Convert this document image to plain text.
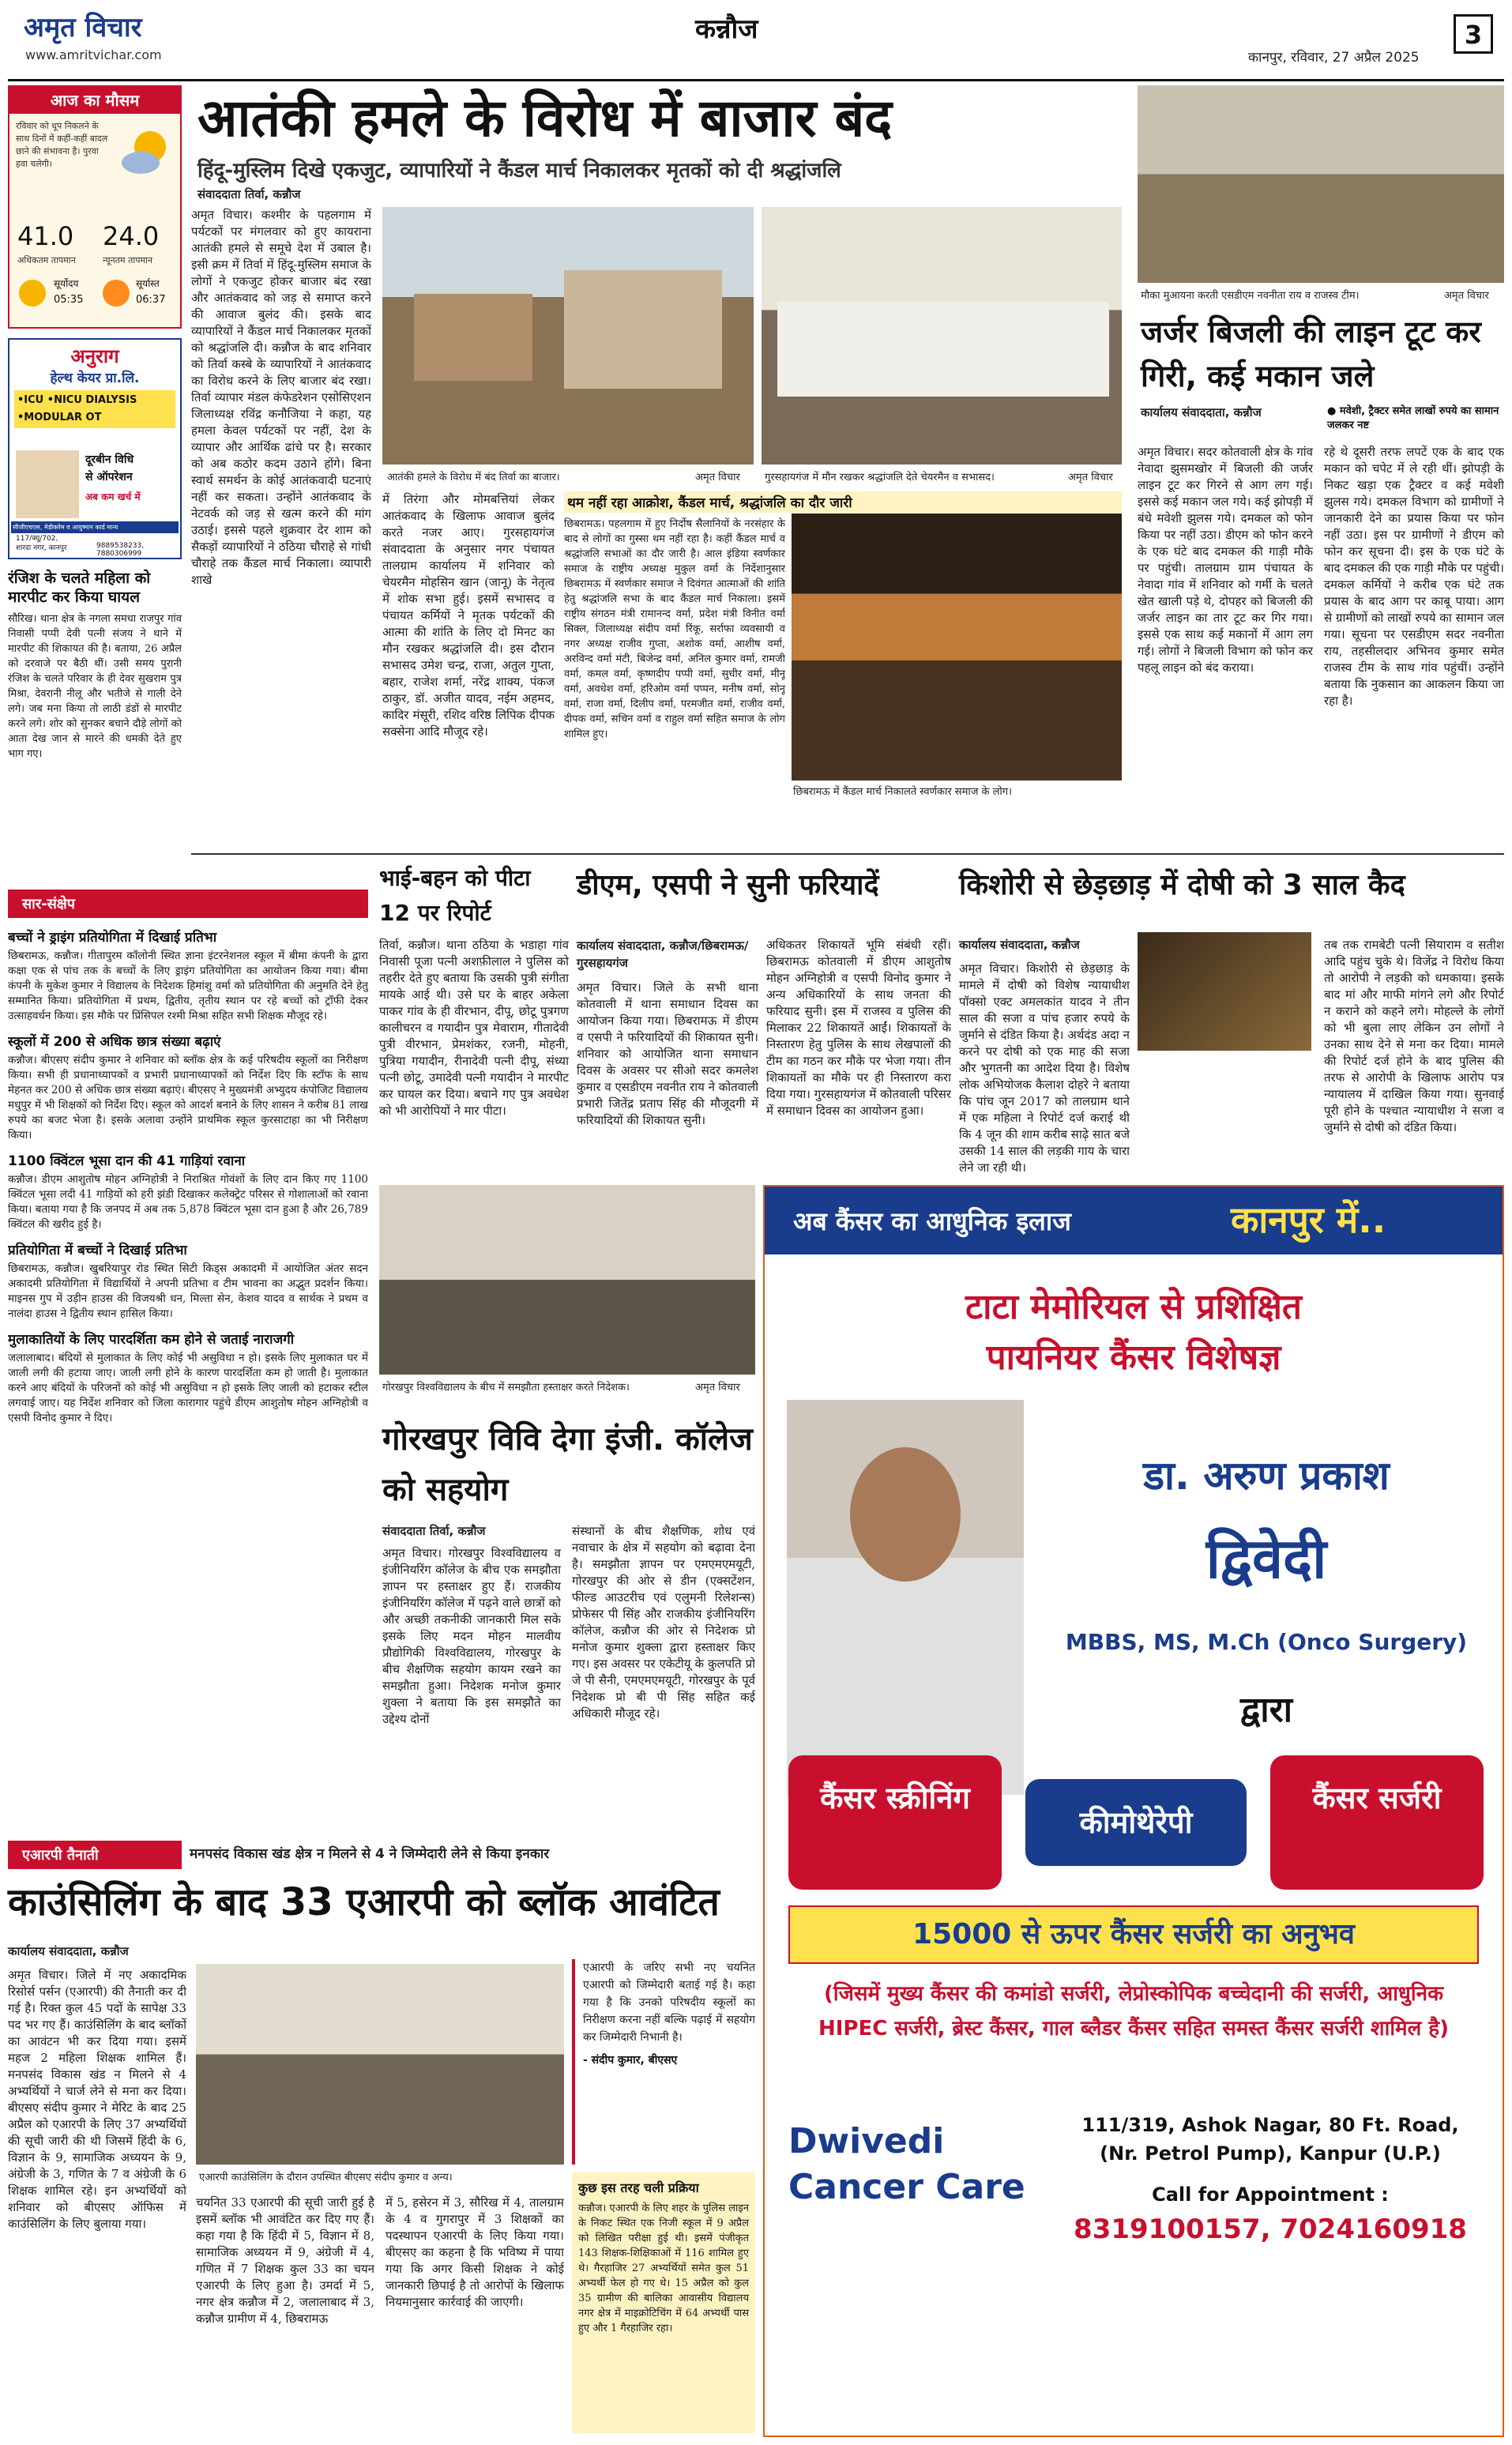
अमृत विचार
www.amritvichar.com
कन्नौज
कानपुर, रविवार, 27 अप्रैल 2025
3
आज का मौसम
रविवार को धूप निकलने के साथ दिनों में कहीं-कहीं बादल छाने की संभावना है। पुरवा हवा चलेगी।
41.0
अधिकतम तापमान
24.0
न्यूनतम तापमान
सूर्योदय
05:35
सूर्यास्त
06:37
अनुराग
हेल्थ केयर प्रा.लि.
•ICU •NICU DIALYSIS •MODULAR OT
दूरबीन विधि
से ऑपरेशन
अब कम खर्च में
सीजीएचएस, मेडीक्लेम व आयुष्मान कार्ड मान्य
117/क्यू/702,
शारदा नगर, कानपुर	9889538233, 7880306999
रंजिश के चलते महिला को मारपीट कर किया घायल
सौरिख। थाना क्षेत्र के नगला समधा राजपुर गांव निवासी पप्पी देवी पत्नी संजय ने थाने में मारपीट की शिकायत की है। बताया, 26 अप्रैल को दरवाजे पर बैठी थीं। उसी समय पुरानी रंजिश के चलते परिवार के ही देवर सुखराम पुत्र मिश्रा, देवरानी नीलू और भतीजे से गाली देने लगे। जब मना किया तो लाठी डंडों से मारपीट करने लगे। शोर को सुनकर बचाने दौड़े लोगों को आता देख जान से मारने की धमकी देते हुए भाग गए।
आतंकी हमले के विरोध में बाजार बंद
हिंदू-मुस्लिम दिखे एकजुट, व्यापारियों ने कैंडल मार्च निकालकर मृतकों को दी श्रद्धांजलि
संवाददाता तिर्वा, कन्नौज
अमृत विचार। कश्मीर के पहलगाम में पर्यटकों पर मंगलवार को हुए कायराना आतंकी हमले से समूचे देश में उबाल है। इसी क्रम में तिर्वा में हिंदू-मुस्लिम समाज के लोगों ने एकजुट होकर बाजार बंद रखा और आतंकवाद को जड़ से समाप्त करने की आवाज बुलंद की। इसके बाद व्यापारियों ने कैंडल मार्च निकालकर मृतकों को श्रद्धांजलि दी। कन्नौज के बाद शनिवार को तिर्वा कस्बे के व्यापारियों ने आतंकवाद का विरोध करने के लिए बाजार बंद रखा। तिर्वा व्यापार मंडल कंफेडरेशन एसोसिएशन जिलाध्यक्ष रविंद्र कनौजिया ने कहा, यह हमला केवल पर्यटकों पर नहीं, देश के व्यापार और आर्थिक ढांचे पर है। सरकार को अब कठोर कदम उठाने होंगे। बिना स्वार्थ समर्थन के कोई आतंकवादी घटनाएं नहीं कर सकता। उन्होंने आतंकवाद के नेटवर्क को जड़ से खत्म करने की मांग उठाई। इससे पहले शुक्रवार देर शाम को सैकड़ों व्यापारियों ने ठठिया चौराहे से गांधी चौराहे तक कैंडल मार्च निकाला। व्यापारी शाखे
आतंकी हमले के विरोध में बंद तिर्वा का बाजार।	अमृत विचार गुरसहायगंज में मौन रखकर श्रद्धांजलि देते चेयरमैन व सभासद।	अमृत विचार
में तिरंगा और मोमबत्तियां लेकर आतंकवाद के खिलाफ आवाज बुलंद करते नजर आए। गुरसहायगंज संवाददाता के अनुसार नगर पंचायत तालग्राम कार्यालय में शनिवार को चेयरमैन मोहसिन खान (जानू) के नेतृत्व में शोक सभा हुई। इसमें सभासद व पंचायत कर्मियों ने मृतक पर्यटकों की आत्मा की शांति के लिए दो मिनट का मौन रखकर श्रद्धांजलि दी। इस दौरान सभासद उमेश चन्द्र, राजा, अतुल गुप्ता, बहार, राजेश शर्मा, नरेंद्र शाक्य, पंकज ठाकुर, डॉ. अजीत यादव, नईम अहमद, कादिर मंसूरी, रशिद वरिष्ठ लिपिक दीपक सक्सेना आदि मौजूद रहे।
थम नहीं रहा आक्रोश, कैंडल मार्च, श्रद्धांजलि का दौर जारी
छिबरामऊ। पहलगाम में हुए निर्दोष सैलानियों के नरसंहार के बाद से लोगों का गुस्सा थम नहीं रहा है। कहीं कैंडल मार्च व श्रद्धांजलि सभाओं का दौर जारी है। आल इंडिया स्वर्णकार समाज के राष्ट्रीय अध्यक्ष मुकुल वर्मा के निर्देशानुसार छिबरामऊ में स्वर्णकार समाज ने दिवंगत आत्माओं की शांति हेतु श्रद्धांजलि सभा के बाद कैंडल मार्च निकाला। इसमें राष्ट्रीय संगठन मंत्री रामानन्द वर्मा, प्रदेश मंत्री विनीत वर्मा सिक्ल, जिलाध्यक्ष संदीप वर्मा रिंकू, सर्राफा व्यवसायी व नगर अध्यक्ष राजीव गुप्ता, अशोक वर्मा, आशीष वर्मा, अरविन्द वर्मा मंटी, बिजेन्द्र वर्मा, अनिल कुमार वर्मा, रामजी वर्मा, कमल वर्मा, कृष्णदीप पप्पी वर्मा, सुधीर वर्मा, मीनू वर्मा, अवधेश वर्मा, हरिओम वर्मा पप्पन, मनीष वर्मा, सोनू वर्मा, राजा वर्मा, दिलीप वर्मा, परमजीत वर्मा, राजीव वर्मा, दीपक वर्मा, सचिन वर्मा व राहुल वर्मा सहित समाज के लोग शामिल हुए।
छिबरामऊ में कैंडल मार्च निकालते स्वर्णकार समाज के लोग।
मौका मुआयना करती एसडीएम नवनीता राय व राजस्व टीम।	अमृत विचार
जर्जर बिजली की लाइन टूट कर गिरी, कई मकान जले
कार्यालय संवाददाता, कन्नौज	● मवेशी, ट्रैक्टर समेत लाखों रुपये का सामान जलकर नष्ट
अमृत विचार। सदर कोतवाली क्षेत्र के गांव नेवादा झुसमखोर में बिजली की जर्जर लाइन टूट कर गिरने से आग लग गई। इससे कई मकान जल गये। कई झोपड़ी में बंधे मवेशी झुलस गये। दमकल को फोन किया पर नहीं उठा। डीएम को फोन करने के एक घंटे बाद दमकल की गाड़ी मौके पर पहुंची। तालग्राम ग्राम पंचायत के नेवादा गांव में शनिवार को गर्मी के चलते खेत खाली पड़े थे, दोपहर को बिजली की जर्जर लाइन का तार टूट कर गिर गया। इससे एक साथ कई मकानों में आग लग गई। लोगों ने बिजली विभाग को फोन कर पहलू लाइन को बंद कराया।
रहे थे दूसरी तरफ लपटें एक के बाद एक मकान को चपेट में ले रही थीं। झोपड़ी के निकट खड़ा एक ट्रैक्टर व कई मवेशी झुलस गये। दमकल विभाग को ग्रामीणों ने जानकारी देने का प्रयास किया पर फोन नहीं उठा। इस पर ग्रामीणों ने डीएम को फोन कर सूचना दी। इस के एक घंटे के बाद दमकल की एक गाड़ी मौके पर पहुंची। दमकल कर्मियों ने करीब एक घंटे तक प्रयास के बाद आग पर काबू पाया। आग से ग्रामीणों को लाखों रुपये का सामान जल गया। सूचना पर एसडीएम सदर नवनीता राय, तहसीलदार अभिनव कुमार समेत राजस्व टीम के साथ गांव पहुंचीं। उन्होंने बताया कि नुकसान का आकलन किया जा रहा है।
सार-संक्षेप
बच्चों ने ड्राइंग प्रतियोगिता में दिखाई प्रतिभा
छिबरामऊ, कन्नौज। गीतापुरम कॉलोनी स्थित ज्ञाना इंटरनेशनल स्कूल में बीमा कंपनी के द्वारा कक्षा एक से पांच तक के बच्चों के लिए ड्राइंग प्रतियोगिता का आयोजन किया गया। बीमा कंपनी के मुकेश कुमार ने विद्यालय के निदेशक हिमांशु वर्मा को प्रतियोगिता की अनुमति देने हेतु सम्मानित किया। प्रतियोगिता में प्रथम, द्वितीय, तृतीय स्थान पर रहे बच्चों को ट्रॉफी देकर उत्साहवर्धन किया। इस मौके पर प्रिंसिपल रश्मी मिश्रा सहित सभी शिक्षक मौजूद रहे।
स्कूलों में 200 से अधिक छात्र संख्या बढ़ाएं
कन्नौज। बीएसए संदीप कुमार ने शनिवार को ब्लॉक क्षेत्र के कई परिषदीय स्कूलों का निरीक्षण किया। सभी ही प्रधानाध्यापकों व प्रभारी प्रधानाध्यापकों को निर्देश दिए कि स्टॉफ के साथ मेहनत कर 200 से अधिक छात्र संख्या बढ़ाएं। बीएसए ने मुख्यमंत्री अभ्युदय कंपोजिट विद्यालय मधुपुर में भी शिक्षकों को निर्देश दिए। स्कूल को आदर्श बनाने के लिए शासन ने करीब 81 लाख रुपये का बजट भेजा है। इसके अलावा उन्होंने प्राथमिक स्कूल कुरसाटाहा का भी निरीक्षण किया।
1100 क्विंटल भूसा दान की 41 गाड़ियां रवाना
कन्नौज। डीएम आशुतोष मोहन अग्निहोत्री ने निराश्रित गोवंशों के लिए दान किए गए 1100 क्विंटल भूसा लदी 41 गाड़ियों को हरी झंडी दिखाकर कलेक्ट्रेट परिसर से गोशालाओं को रवाना किया। बताया गया है कि जनपद में अब तक 5,878 क्विंटल भूसा दान हुआ है और 26,789 क्विंटल की खरीद हुई है।
प्रतियोगिता में बच्चों ने दिखाई प्रतिभा
छिबरामऊ, कन्नौज। खुबरियापुर रोड स्थित सिटी किड्स अकादमी में आयोजित अंतर सदन अकादमी प्रतियोगिता में विद्यार्थियों ने अपनी प्रतिभा व टीम भावना का अद्भुत प्रदर्शन किया। माइनस गुप में उड़ीन हाउस की विजयश्री धन, मिल्ता सेन, केशव यादव व सार्थक ने प्रथम व नालंदा हाउस ने द्वितीय स्थान हासिल किया।
मुलाकातियों के लिए पारदर्शिता कम होने से जताई नाराजगी
जलालाबाद। बंदियों से मुलाकात के लिए कोई भी असुविधा न हो। इसके लिए मुलाकात घर में जाली लगी की हटाया जाए। जाली लगी होने के कारण पारदर्शिता कम हो जाती है। मुलाकात करने आए बंदियों के परिजनों को कोई भी असुविधा न हो इसके लिए जाली को हटाकर स्टील लगवाई जाए। यह निर्देश शनिवार को जिला कारागार पहुंचे डीएम आशुतोष मोहन अग्निहोत्री व एसपी विनोद कुमार ने दिए।
भाई-बहन को पीटा 12 पर रिपोर्ट
तिर्वा, कन्नौज। थाना ठठिया के भडाहा गांव निवासी पूजा पत्नी अशफ़ीलाल ने पुलिस को तहरीर देते हुए बताया कि उसकी पुत्री संगीता मायके आई थी। उसे घर के बाहर अकेला पाकर गांव के ही वीरभान, दीपू, छोटू पुत्रगण कालीचरन व गयादीन पुत्र मेवाराम, गीतादेवी पुत्री वीरभान, प्रेमशंकर, रजनी, मोहनी, पुत्रिया गयादीन, रीनादेवी पत्नी दीपू, संध्या पत्नी छोटू, उमादेवी पत्नी गयादीन ने मारपीट कर घायल कर दिया। बचाने गए पुत्र अवधेश को भी आरोपियों ने मार पीटा।
डीएम, एसपी ने सुनी फरियादें
कार्यालय संवाददाता, कन्नौज/छिबरामऊ/गुरसहायगंज
अमृत विचार। जिले के सभी थाना कोतवाली में थाना समाधान दिवस का आयोजन किया गया। छिबरामऊ में डीएम व एसपी ने फरियादियों की शिकायत सुनी। शनिवार को आयोजित थाना समाधान दिवस के अवसर पर सीओ सदर कमलेश कुमार व एसडीएम नवनीत राय ने कोतवाली प्रभारी जितेंद्र प्रताप सिंह की मौजूदगी में फरियादियों की शिकायत सुनी।
अधिकतर शिकायतें भूमि संबंधी रहीं। छिबरामऊ कोतवाली में डीएम आशुतोष मोहन अग्निहोत्री व एसपी विनोद कुमार ने अन्य अधिकारियों के साथ जनता की फरियाद सुनी। इस में राजस्व व पुलिस की मिलाकर 22 शिकायतें आईं। शिकायतों के निस्तारण हेतु पुलिस के साथ लेखपालों की टीम का गठन कर मौके पर भेजा गया। तीन शिकायतों का मौके पर ही निस्तारण करा दिया गया। गुरसहायगंज में कोतवाली परिसर में समाधान दिवस का आयोजन हुआ।
किशोरी से छेड़छाड़ में दोषी को 3 साल कैद
कार्यालय संवाददाता, कन्नौज
अमृत विचार। किशोरी से छेड़छाड़ के मामले में दोषी को विशेष न्यायाधीश पॉक्सो एक्ट अमलकांत यादव ने तीन साल की सजा व पांच हजार रुपये के जुर्माने से दंडित किया है। अर्थदंड अदा न करने पर दोषी को एक माह की सजा और भुगतनी का आदेश दिया है। विशेष लोक अभियोजक कैलाश दोहरे ने बताया कि पांच जून 2017 को तालग्राम थाने में एक महिला ने रिपोर्ट दर्ज कराई थी कि 4 जून की शाम करीब साढ़े सात बजे उसकी 14 साल की लड़की गाय के चारा लेने जा रही थी।
तब तक रामबेटी पत्नी सियाराम व सतीश आदि पहुंच चुके थे। विजेंद्र ने विरोध किया तो आरोपी ने लड़की को धमकाया। इसके बाद मां और माफी मांगने लगे और रिपोर्ट न कराने को कहने लगे। मोहल्ले के लोगों को भी बुला लाए लेकिन उन लोगों ने उनका साथ देने से मना कर दिया। मामले की रिपोर्ट दर्ज होने के बाद पुलिस की तरफ से आरोपी के खिलाफ आरोप पत्र न्यायालय में दाखिल किया गया। सुनवाई पूरी होने के पश्चात न्यायाधीश ने सजा व जुर्माने से दोषी को दंडित किया।
गोरखपुर विश्वविद्यालय के बीच में समझौता हस्ताक्षर करते निदेशक।	अमृत विचार
गोरखपुर विवि देगा इंजी. कॉलेज को सहयोग
संवाददाता तिर्वा, कन्नौज
अमृत विचार। गोरखपुर विश्वविद्यालय व इंजीनियरिंग कॉलेज के बीच एक समझौता ज्ञापन पर हस्ताक्षर हुए हैं। राजकीय इंजीनियरिंग कॉलेज में पढ़ने वाले छात्रों को और अच्छी तकनीकी जानकारी मिल सके इसके लिए मदन मोहन मालवीय प्रौद्योगिकी विश्वविद्यालय, गोरखपुर के बीच शैक्षणिक सहयोग कायम रखने का समझौता हुआ। निदेशक मनोज कुमार शुक्ला ने बताया कि इस समझौते का उद्देश्य दोनों
संस्थानों के बीच शैक्षणिक, शोध एवं नवाचार के क्षेत्र में सहयोग को बढ़ावा देना है। समझौता ज्ञापन पर एमएमएमयूटी, गोरखपुर की ओर से डीन (एक्सटेंशन, फील्ड आउटरीच एवं एलुमनी रिलेशन्स) प्रोफेसर पी सिंह और राजकीय इंजीनियरिंग कॉलेज, कन्नौज की ओर से निदेशक प्रो मनोज कुमार शुक्ला द्वारा हस्ताक्षर किए गए। इस अवसर पर एकेटीयू के कुलपति प्रो जे पी सैनी, एमएमएमयूटी, गोरखपुर के पूर्व निदेशक प्रो बी पी सिंह सहित कई अधिकारी मौजूद रहे।
अब कैंसर का आधुनिक इलाज	कानपुर में..
टाटा मेमोरियल से प्रशिक्षित
पायनियर कैंसर विशेषज्ञ
डा. अरुण प्रकाश
द्विवेदी
MBBS, MS, M.Ch (Onco Surgery)
द्वारा
कैंसर स्क्रीनिंग
कीमोथेरेपी
कैंसर सर्जरी
15000 से ऊपर कैंसर सर्जरी का अनुभव
(जिसमें मुख्य कैंसर की कमांडो सर्जरी, लेप्रोस्कोपिक बच्चेदानी की सर्जरी, आधुनिक HIPEC सर्जरी, ब्रेस्ट कैंसर, गाल ब्लैडर कैंसर सहित समस्त कैंसर सर्जरी शामिल है)
Dwivedi Cancer Care
111/319, Ashok Nagar, 80 Ft. Road, (Nr. Petrol Pump), Kanpur (U.P.)
Call for Appointment :
8319100157, 7024160918
एआरपी तैनाती	मनपसंद विकास खंड क्षेत्र न मिलने से 4 ने जिम्मेदारी लेने से किया इनकार
काउंसिलिंग के बाद 33 एआरपी को ब्लॉक आवंटित
कार्यालय संवाददाता, कन्नौज
अमृत विचार। जिले में नए अकादमिक रिसोर्स पर्सन (एआरपी) की तैनाती कर दी गई है। रिक्त कुल 45 पदों के सापेक्ष 33 पद भर गए हैं। काउंसिलिंग के बाद ब्लॉकों का आवंटन भी कर दिया गया। इसमें महज 2 महिला शिक्षक शामिल हैं। मनपसंद विकास खंड न मिलने से 4 अभ्यर्थियों ने चार्ज लेने से मना कर दिया। बीएसए संदीप कुमार ने मेरिट के बाद 25 अप्रैल को एआरपी के लिए 37 अभ्यर्थियों की सूची जारी की थी जिसमें हिंदी के 6, विज्ञान के 9, सामाजिक अध्ययन के 9, अंग्रेजी के 3, गणित के 7 व अंग्रेजी के 6 शिक्षक शामिल रहे। इन अभ्यर्थियों को शनिवार को बीएसए ऑफिस में काउंसिलिंग के लिए बुलाया गया।
एआरपी काउंसिलिंग के दौरान उपस्थित बीएसए संदीप कुमार व अन्य।
एआरपी के जरिए सभी नए चयनित एआरपी को जिम्मेदारी बताई गई है। कहा गया है कि उनको परिषदीय स्कूलों का निरीक्षण करना नहीं बल्कि पढ़ाई में सहयोग कर जिम्मेदारी निभानी है।
- संदीप कुमार, बीएसए
चयनित 33 एआरपी की सूची जारी हुई है इसमें ब्लॉक भी आवंटित कर दिए गए हैं। कहा गया है कि हिंदी में 5, विज्ञान में 8, सामाजिक अध्ययन में 9, अंग्रेजी में 4, गणित में 7 शिक्षक कुल 33 का चयन एआरपी के लिए हुआ है। उमर्दा में 5, नगर क्षेत्र कन्नौज में 2, जलालाबाद में 3, कन्नौज ग्रामीण में 4, छिबरामऊ
में 5, हसेरन में 3, सौरिख में 4, तालग्राम के 4 व गुगरापुर में 3 शिक्षकों का पदस्थापन एआरपी के लिए किया गया। बीएसए का कहना है कि भविष्य में पाया गया कि अगर किसी शिक्षक ने कोई जानकारी छिपाई है तो आरोपों के खिलाफ नियमानुसार कार्रवाई की जाएगी।
कुछ इस तरह चली प्रक्रिया
कन्नौज। एआरपी के लिए शहर के पुलिस लाइन के निकट स्थित एक निजी स्कूल में 9 अप्रैल को लिखित परीक्षा हुई थी। इसमें पंजीकृत 143 शिक्षक-शिक्षिकाओं में 116 शामिल हुए थे। गैरहाजिर 27 अभ्यर्थियों समेत कुल 51 अभ्यर्थी फेल हो गए थे। 15 अप्रैल को कुल 35 ग्रामीण की बालिका आवासीय विद्यालय नगर क्षेत्र में माइक्रोटिचिंग में 64 अभ्यर्थी पास हुए और 1 गैरहाजिर रहा।
